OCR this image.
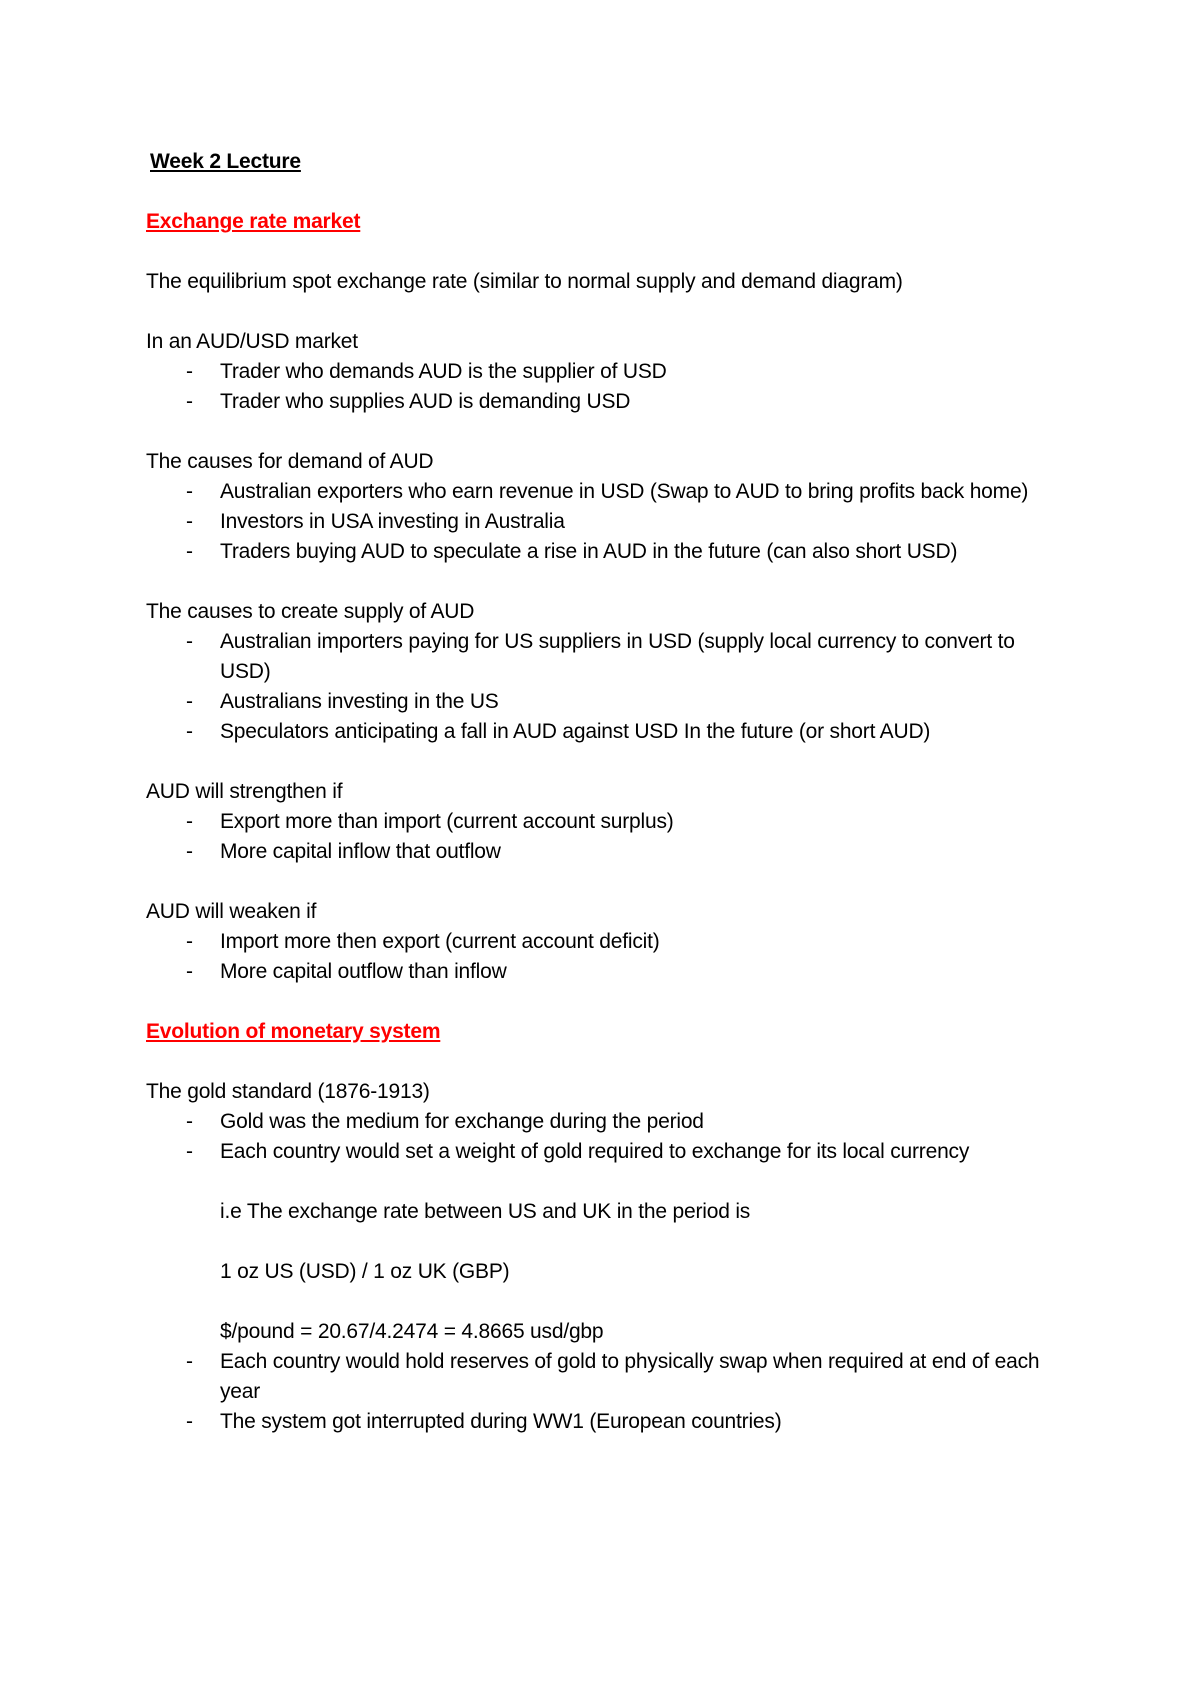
Week 2 Lecture

Exchange rate market

The equilibrium spot exchange rate (similar to normal supply and demand diagram)

In an AUD/USD market

- Trader who demands AUD is the supplier of USD
- Trader who supplies AUD is demanding USD

The causes for demand of AUD

- Australian exporters who earn revenue in USD (Swap to AUD to bring profits back home)
- Investors in USA investing in Australia
- Traders buying AUD to speculate a rise in AUD in the future (can also short USD)

The causes to create supply of AUD

- Australian importers paying for US suppliers in USD (supply local currency to convert to USD)
- Australians investing in the US
- Speculators anticipating a fall in AUD against USD In the future (or short AUD)

AUD will strengthen if

- Export more than import (current account surplus)
- More capital inflow that outflow

AUD will weaken if

- Import more then export (current account deficit)
- More capital outflow than inflow

Evolution of monetary system

The gold standard (1876-1913)

- Gold was the medium for exchange during the period
- Each country would set a weight of gold required to exchange for its local currency

i.e The exchange rate between US and UK in the period is

1 oz US (USD) / 1 oz UK (GBP)

$/pound = 20.67/4.2474 = 4.8665 usd/gbp

- Each country would hold reserves of gold to physically swap when required at end of each year
- The system got interrupted during WW1 (European countries)
